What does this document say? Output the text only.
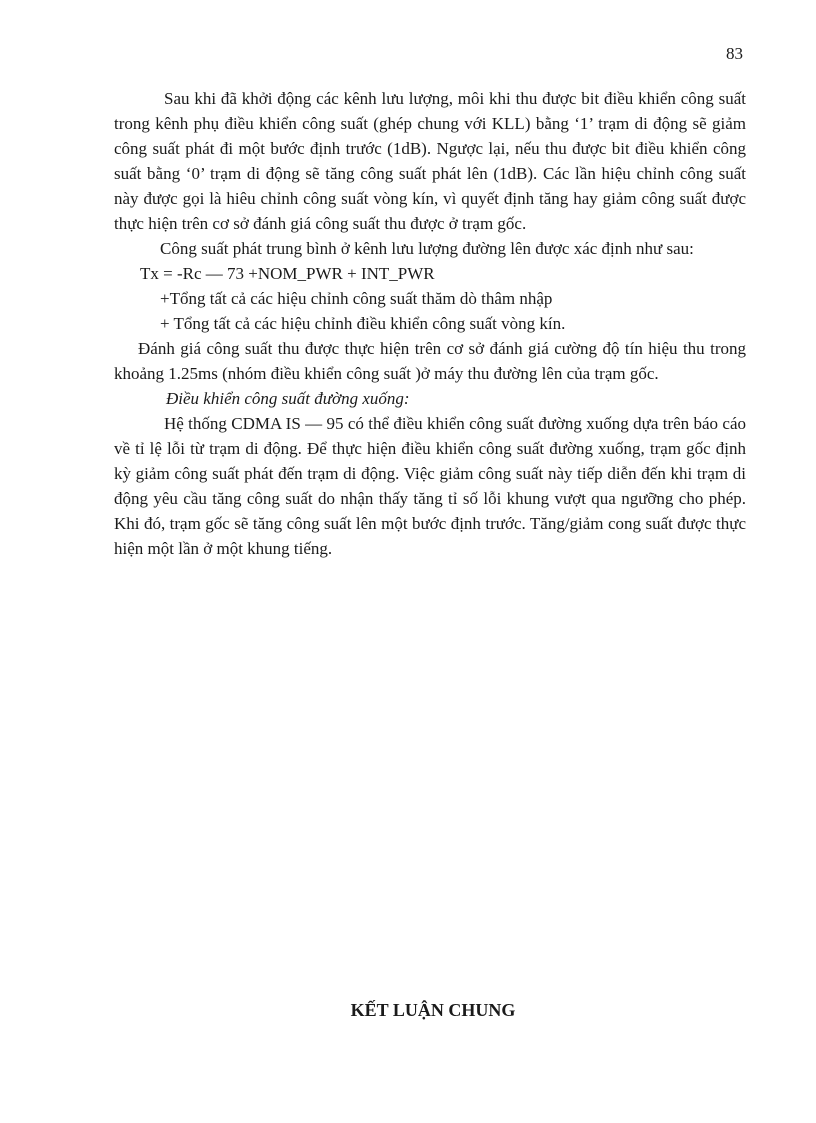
83

Sau khi đã khởi động các kênh lưu lượng, môi khi thu được bit điều khiển công suất trong kênh phụ điều khiển công suất (ghép chung với KLL) bằng ‘1’ trạm di động sẽ giảm công suất phát đi một bước định trước (1dB). Ngược lại, nếu thu được bit điều khiển công suất bằng ‘0’ trạm di động sẽ tăng công suất phát lên (1dB). Các lần hiệu chỉnh công suất này được gọi là hiêu chỉnh công suất vòng kín, vì quyết định tăng hay giảm công suất được thực hiện trên cơ sở đánh giá công suất thu được ở trạm gốc.

Công suất phát trung bình ở kênh lưu lượng đường lên được xác định như sau:

Tx = -Rc — 73 +NOM_PWR + INT_PWR

+Tổng tất cả các hiệu chỉnh công suất thăm dò thâm nhập

+ Tổng tất cả các hiệu chỉnh điều khiển công suất vòng kín.

Đánh giá công suất thu được thực hiện trên cơ sở đánh giá cường độ tín hiệu thu trong khoảng 1.25ms (nhóm điều khiển công suất )ở máy thu đường lên của trạm gốc.

Điều khiển công suất đường xuống:

Hệ thống CDMA IS — 95 có thể điều khiển công suất đường xuống dựa trên báo cáo về tỉ lệ lỗi từ trạm di động. Để thực hiện điều khiển công suất đường xuống, trạm gốc định kỳ giảm công suất phát đến trạm di động. Việc giảm công suất này tiếp diễn đến khi trạm di động yêu cầu tăng công suất do nhận thấy tăng tỉ số lỗi khung vượt qua ngưỡng cho phép. Khi đó, trạm gốc sẽ tăng công suất lên một bước định trước. Tăng/giảm cong suất được thực hiện một lần ở một khung tiếng.

KẾT LUẬN CHUNG
